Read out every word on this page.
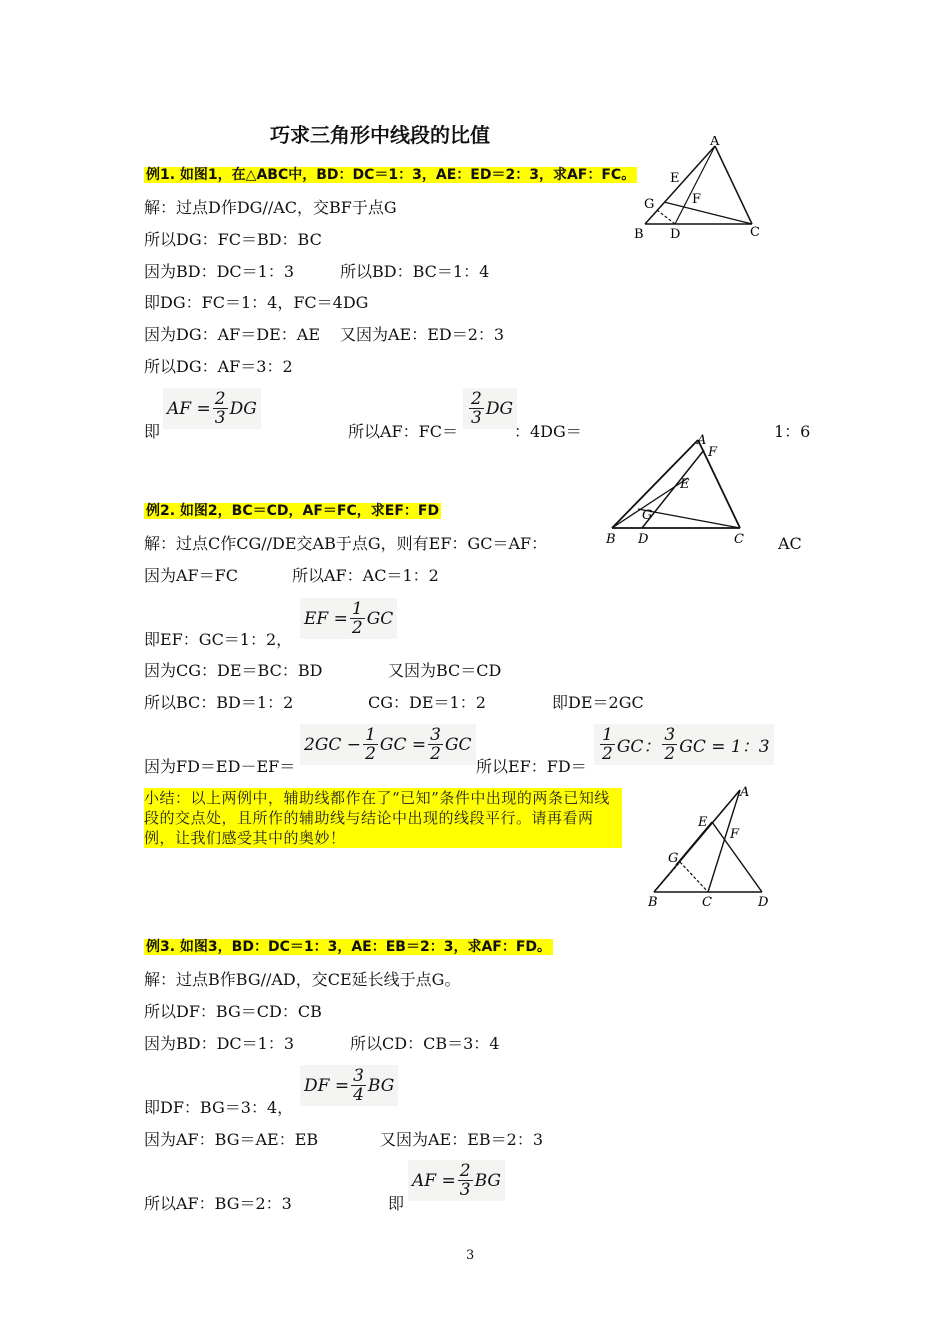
巧求三角形中线段的比值
例1. 如图1，在△ABC中，BD：DC＝1：3，AE：ED＝2：3，求AF：FC。
解：过点D作DG//AC，交BF于点G
所以DG：FC＝BD：BC
因为BD：DC＝1：3	所以BD：BC＝1：4
即DG：FC＝1：4，FC＝4DG
因为DG：AF＝DE：AE 又因为AE：ED＝2：3
所以DG：AF＝3：2
即
AF = $\frac{2}{3}$ DG
所以AF：FC＝
$\frac{2}{3}$ DG
：4DG＝	1：6
A
E
G	F
B D	C
例2. 如图2，BC＝CD，AF＝FC，求EF：FD
解：过点C作CG//DE交AB于点G，则有EF：GC＝AF：	AC
因为AF＝FC	所以AF：AC＝1：2
即EF：GC＝1：2，
EF = $\frac{1}{2}$ GC
因为CG：DE＝BC：BD	又因为BC＝CD
所以BC：BD＝1：2	CG：DE＝1：2	即DE＝2GC
因为FD＝ED－EF＝
$2GC - \frac{1}{2}$ GC = $\frac{3}{2}$ GC
所以EF：FD＝
$\frac{1}{2}$ GC： $\frac{3}{2}$ GC = 1：3
A
F
E
G
B D	C
小结：以上两例中，辅助线都作在了“已知”条件中出现的两条已知线段的交点处，且所作的辅助线与结论中出现的线段平行。请再看两例，让我们感受其中的奥妙！
A
E
F
G
B	C	D
例3. 如图3，BD：DC＝1：3，AE：EB＝2：3，求AF：FD。
解：过点B作BG//AD，交CE延长线于点G。
所以DF：BG＝CD：CB
因为BD：DC＝1：3	所以CD：CB＝3：4
即DF：BG＝3：4，
DF = $\frac{3}{4}$ BG
因为AF：BG＝AE：EB	又因为AE：EB＝2：3
所以AF：BG＝2：3	即
AF = $\frac{2}{3}$ BG
3
